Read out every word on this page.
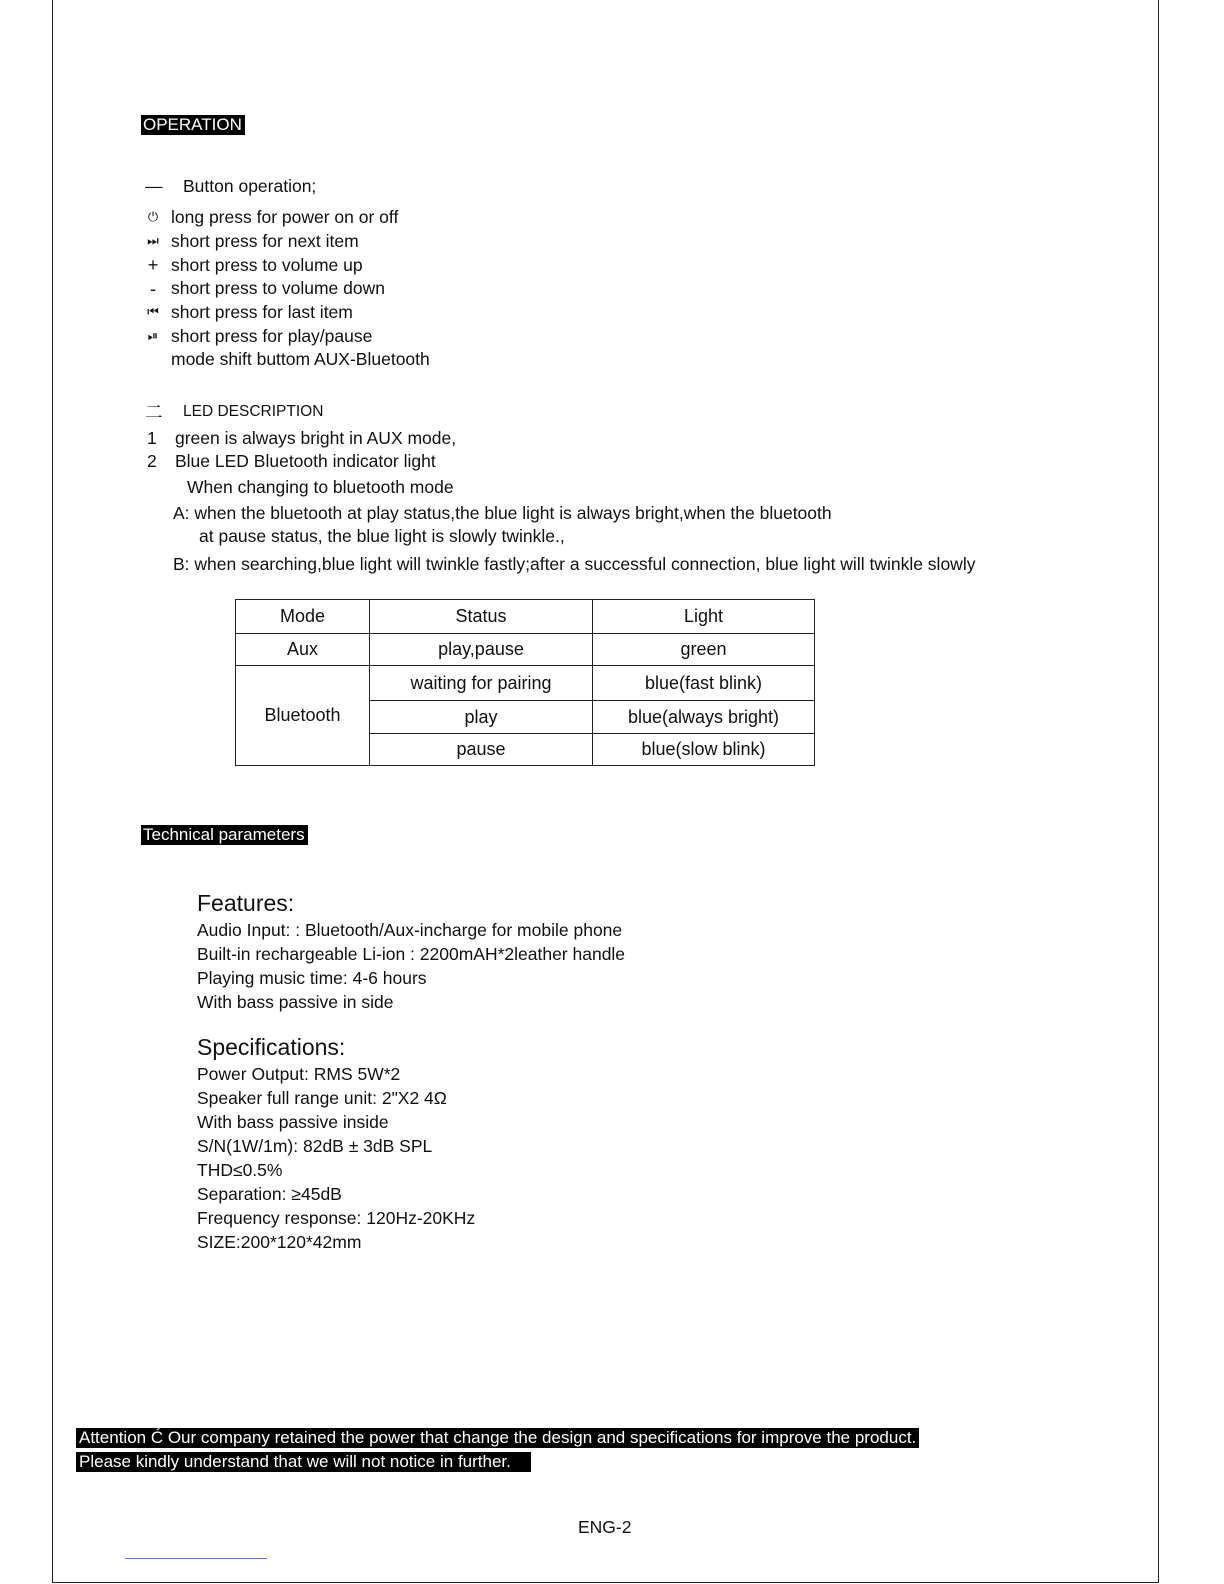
OPERATION
— Button operation;
⏻ long press for power on or off
⏭ short press for next item
+ short press to volume up
- short press to volume down
⏮ short press for last item
⏯ short press for play/pause
mode shift buttom AUX-Bluetooth
二 LED DESCRIPTION
1 green is always bright in AUX mode,
2 Blue LED Bluetooth indicator light
When changing to bluetooth mode
A: when the bluetooth at play status,the blue light is always bright,when the bluetooth
at pause status, the blue light is slowly twinkle.,
B: when searching,blue light will twinkle fastly;after a successful connection, blue light will twinkle slowly
Mode	Status	Light
Aux	play,pause	green
Bluetooth	waiting for pairing	blue(fast blink)
	play	blue(always bright)
	pause	blue(slow blink)
Technical parameters
Features:
Audio Input: : Bluetooth/Aux-incharge for mobile phone
Built-in rechargeable Li-ion : 2200mAH*2leather handle
Playing music time: 4-6 hours
With bass passive in side
Specifications:
Power Output: RMS 5W*2
Speaker full range unit: 2"X2 4Ω
With bass passive inside
S/N(1W/1m): 82dB ± 3dB SPL
THD≤0.5%
Separation: ≥45dB
Frequency response: 120Hz-20KHz
SIZE:200*120*42mm
Attention Ć Our company retained the power that change the design and specifications for improve the product.
Please kindly understand that we will not notice in further.
ENG-2
